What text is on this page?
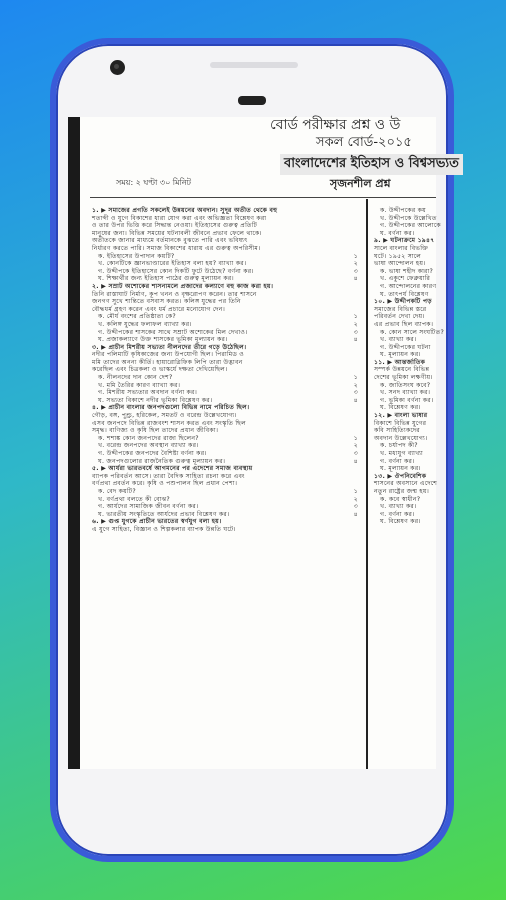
বোর্ড পরীক্ষার প্রশ্ন ও উ
সকল বোর্ড-২০১৫
বাংলাদেশের ইতিহাস ও বিশ্বসভ্যত
সৃজনশীল প্রশ্ন
সময়: ২ ঘণ্টা ৩০ মিনিট
১. ▶ সমাজের প্রগতি সকলেই উন্নয়নের অবদান। সুদূর অতীত থেকে বহু
শতাব্দী ও যুগে বিকাশের ধারা যোগ করা এবং অভিজ্ঞতা বিশ্লেষণ করা
ও তার উপর ভিত্তি করে সিদ্ধান্ত নেওয়া। ইতিহাসের গুরুত্ব প্রতিটি
মানুষের জন্য। বিভিন্ন সময়ের ঘটনাবলী জীবনে প্রভাব ফেলে থাকে।
অতীতকে জানার মাধ্যমে বর্তমানকে বুঝতে পারি এবং ভবিষ্যৎ
নির্ধারণ করতে পারি। সমাজ বিকাশের ধারায় এর গুরুত্ব অপরিসীম।
১
ক. ইতিহাসের উপাদান কয়টি?
২
খ. কোনটিকে জ্ঞানভাণ্ডারের ইতিহাস বলা হয়? ব্যাখ্যা কর।
৩
গ. উদ্দীপকে ইতিহাসের কোন দিকটি ফুটে উঠেছে? বর্ণনা কর।
৪
ঘ. শিক্ষার্থীর জন্য ইতিহাস পাঠের গুরুত্ব মূল্যায়ন কর।
২. ▶ সম্রাট অশোকের শাসনামলে প্রজাদের কল্যাণে বহু কাজ করা হয়।
তিনি রাস্তাঘাট নির্মাণ, কূপ খনন ও বৃক্ষরোপণ করেন। তার শাসনে
জনগণ সুখে শান্তিতে বসবাস করত। কলিঙ্গ যুদ্ধের পর তিনি
বৌদ্ধধর্ম গ্রহণ করেন এবং ধর্ম প্রচারে মনোযোগ দেন।
১
ক. মৌর্য বংশের প্রতিষ্ঠাতা কে?
২
খ. কলিঙ্গ যুদ্ধের ফলাফল ব্যাখ্যা কর।
৩
গ. উদ্দীপকের শাসকের সাথে সম্রাট অশোকের মিল দেখাও।
৪
ঘ. প্রজাকল্যাণে উক্ত শাসকের ভূমিকা মূল্যায়ন কর।
৩. ▶ প্রাচীন মিশরীয় সভ্যতা নীলনদের তীরে গড়ে উঠেছিল।
নদীর পলিমাটি কৃষিকাজের জন্য উপযোগী ছিল। পিরামিড ও
মমি তাদের অনন্য কীর্তি। হায়ারোগ্লিফিক লিপি তারা উদ্ভাবন
করেছিল এবং চিত্রকলা ও ভাস্কর্যে দক্ষতা দেখিয়েছিল।
১
ক. নীলনদের দান কোন দেশ?
২
খ. মমি তৈরির কারণ ব্যাখ্যা কর।
৩
গ. মিশরীয় সভ্যতার অবদান বর্ণনা কর।
৪
ঘ. সভ্যতা বিকাশে নদীর ভূমিকা বিশ্লেষণ কর।
৪. ▶ প্রাচীন বাংলার জনপদগুলো বিভিন্ন নামে পরিচিত ছিল।
গৌড়, বঙ্গ, পুণ্ড্র, হরিকেল, সমতট ও বরেন্দ্র উল্লেখযোগ্য।
এসব জনপদে বিভিন্ন রাজবংশ শাসন করত এবং সংস্কৃতি ছিল
সমৃদ্ধ। বাণিজ্য ও কৃষি ছিল তাদের প্রধান জীবিকা।
১
ক. শশাঙ্ক কোন জনপদের রাজা ছিলেন?
২
খ. বরেন্দ্র জনপদের অবস্থান ব্যাখ্যা কর।
৩
গ. উদ্দীপকের জনপদের বৈশিষ্ট্য বর্ণনা কর।
৪
ঘ. জনপদগুলোর রাজনৈতিক গুরুত্ব মূল্যায়ন কর।
৫. ▶ আর্যরা ভারতবর্ষে আগমনের পর এদেশের সমাজ ব্যবস্থায়
ব্যাপক পরিবর্তন আসে। তারা বৈদিক সাহিত্য রচনা করে এবং
বর্ণপ্রথা প্রবর্তন করে। কৃষি ও পশুপালন ছিল প্রধান পেশা।
১
ক. বেদ কয়টি?
২
খ. বর্ণপ্রথা বলতে কী বোঝ?
৩
গ. আর্যদের সামাজিক জীবন বর্ণনা কর।
৪
ঘ. ভারতীয় সংস্কৃতিতে আর্যদের প্রভাব বিশ্লেষণ কর।
৬. ▶ গুপ্ত যুগকে প্রাচীন ভারতের স্বর্ণযুগ বলা হয়।
এ যুগে সাহিত্য, বিজ্ঞান ও শিল্পকলার ব্যাপক উন্নতি ঘটে।
ক. উদ্দীপকের কয়
খ. উদ্দীপকে উল্লেখিত
গ. উদ্দীপকের আলোকে
ঘ. বর্ণনা কর।
৯. ▶ ঘটনাক্রমে ১৯৪৭
সালে বাংলার বিভক্তি
ঘটে। ১৯৫২ সালে
ভাষা আন্দোলন হয়।
ক. ভাষা শহীদ কারা?
খ. একুশে ফেব্রুয়ারি
গ. আন্দোলনের কারণ
ঘ. তাৎপর্য বিশ্লেষণ
১০. ▶ উদ্দীপকটি পড়
সমাজের বিভিন্ন স্তরে
পরিবর্তন দেখা দেয়।
এর প্রভাব ছিল ব্যাপক।
ক. কোন সালে সংঘটিত?
খ. ব্যাখ্যা কর।
গ. উদ্দীপকের ঘটনা
ঘ. মূল্যায়ন কর।
১১. ▶ আন্তর্জাতিক
সম্পর্ক উন্নয়নে বিভিন্ন
দেশের ভূমিকা লক্ষণীয়।
ক. জাতিসংঘ কবে?
খ. সনদ ব্যাখ্যা কর।
গ. ভূমিকা বর্ণনা কর।
ঘ. বিশ্লেষণ কর।
১২. ▶ বাংলা ভাষার
বিকাশে বিভিন্ন যুগের
কবি সাহিত্যিকদের
অবদান উল্লেখযোগ্য।
ক. চর্যাপদ কী?
খ. মধ্যযুগ ব্যাখ্যা
গ. বর্ণনা কর।
ঘ. মূল্যায়ন কর।
১৩. ▶ ঔপনিবেশিক
শাসনের অবসানে এদেশে
নতুন রাষ্ট্রের জন্ম হয়।
ক. কবে স্বাধীন?
খ. ব্যাখ্যা কর।
গ. বর্ণনা কর।
ঘ. বিশ্লেষণ কর।
